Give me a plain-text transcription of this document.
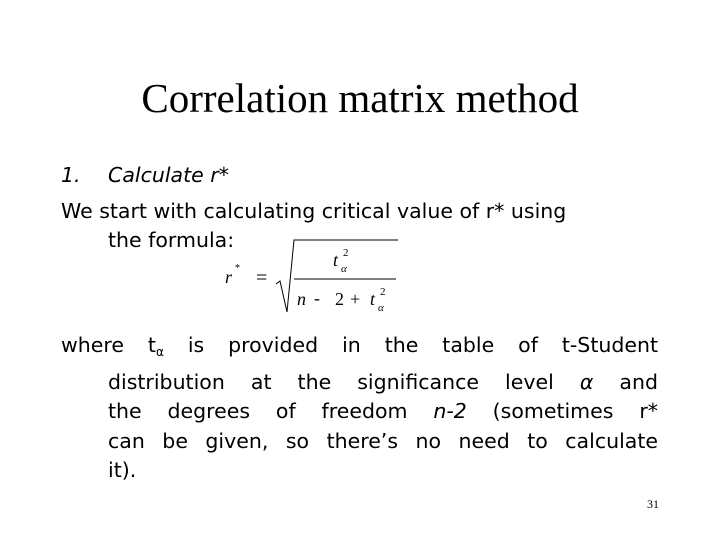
Correlation matrix method
1. Calculate r*
We start with calculating critical value of r* using
the formula:
r * =
t α
2
n - 2 + t α
2
where $t_\alpha$ is provided in the table of t-Student
distribution at the significance level α and
the degrees of freedom n-2 (sometimes r*
can be given, so there’s no need to calculate
it).
31
